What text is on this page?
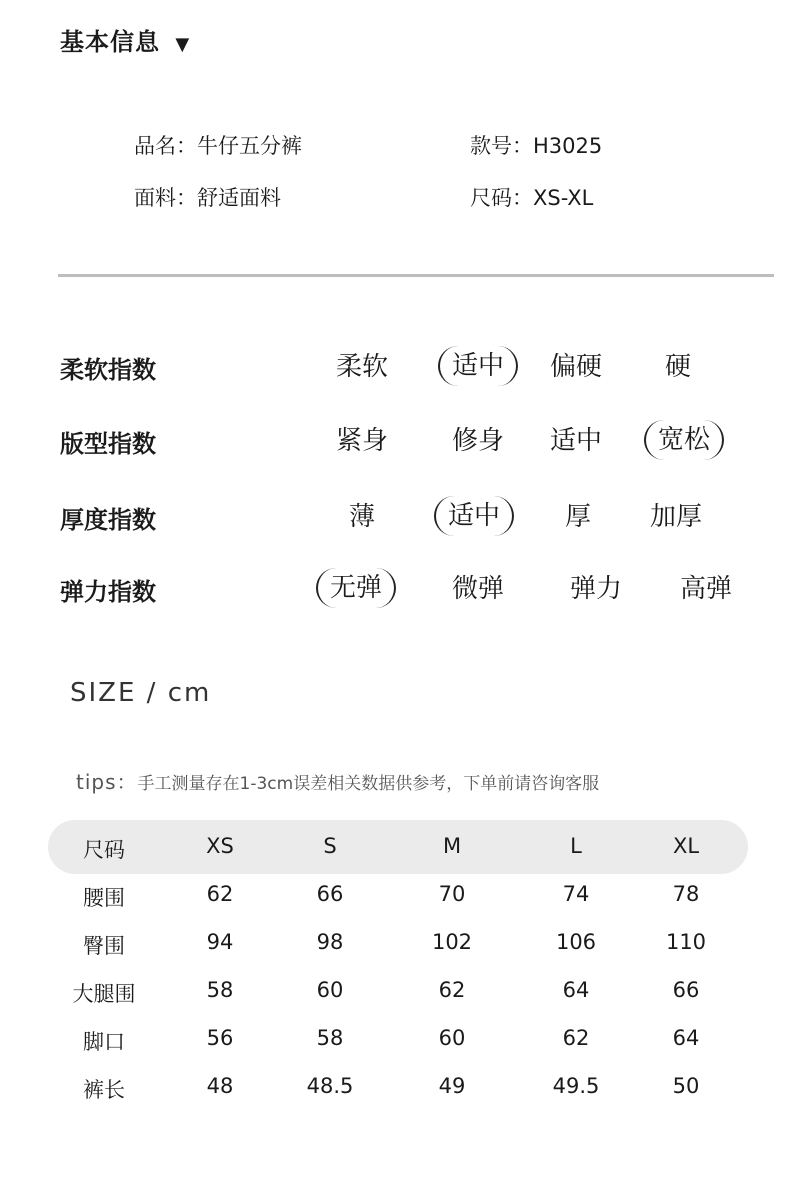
基本信息 ▼
品名：牛仔五分裤	款号：H3025
面料：舒适面料	尺码：XS-XL
柔软指数	柔软	适中	偏硬 硬
版型指数	紧身 修身 适中	宽松
厚度指数	薄	适中	厚 加厚
弹力指数	无弹	微弹	弹力 高弹
SIZE / cm
tips：手工测量存在1-3cm误差相关数据供参考，下单前请咨询客服
尺码	XS	S	M	L	XL
腰围	62	66	70	74	78
臀围	94	98	102	106	110
大腿围	58	60	62	64	66
脚口	56	58	60	62	64
裤长	48	48.5	49	49.5	50
